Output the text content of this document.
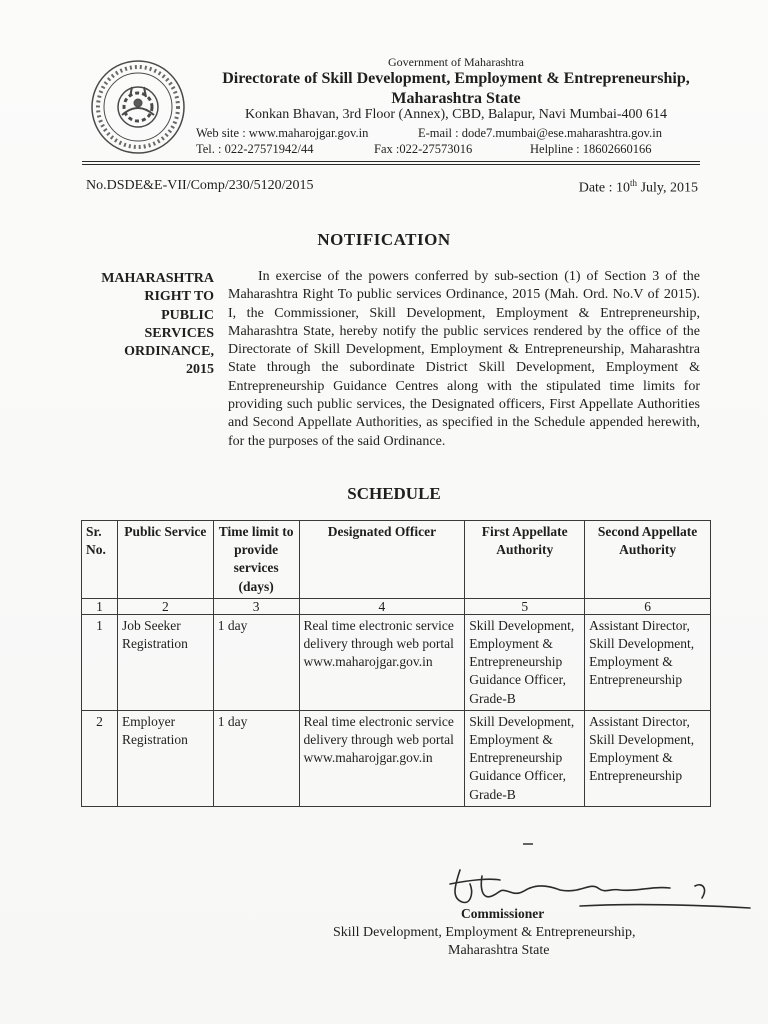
Government of Maharashtra
Directorate of Skill Development, Employment & Entrepreneurship,
Maharashtra State
Konkan Bhavan, 3rd Floor (Annex), CBD, Balapur, Navi Mumbai-400 614
Web site : www.maharojgar.gov.in	E-mail : dode7.mumbai@ese.maharashtra.gov.in
Tel. : 022-27571942/44	Fax :022-27573016	Helpline : 18602660166
No.DSDE&E-VII/Comp/230/5120/2015	Date : 10th July, 2015
NOTIFICATION
MAHARASHTRA
RIGHT TO
PUBLIC
SERVICES
ORDINANCE,
2015
In exercise of the powers conferred by sub-section (1) of Section 3 of the Maharashtra Right To public services Ordinance, 2015 (Mah. Ord. No.V of 2015). I, the Commissioner, Skill Development, Employment & Entrepreneurship, Maharashtra State, hereby notify the public services rendered by the office of the Directorate of Skill Development, Employment & Entrepreneurship, Maharashtra State through the subordinate District Skill Development, Employment & Entrepreneurship Guidance Centres along with the stipulated time limits for providing such public services, the Designated officers, First Appellate Authorities and Second Appellate Authorities, as specified in the Schedule appended herewith, for the purposes of the said Ordinance.
SCHEDULE
Sr. No.	Public Service	Time limit to provide services (days)	Designated Officer	First Appellate Authority	Second Appellate Authority
1	2	3	4	5	6
1	Job Seeker Registration	1 day	Real time electronic service delivery through web portal www.maharojgar.gov.in	Skill Development, Employment & Entrepreneurship Guidance Officer, Grade-B	Assistant Director, Skill Development, Employment & Entrepreneurship
2	Employer Registration	1 day	Real time electronic service delivery through web portal www.maharojgar.gov.in	Skill Development, Employment & Entrepreneurship Guidance Officer, Grade-B	Assistant Director, Skill Development, Employment & Entrepreneurship
Commissioner
Skill Development, Employment & Entrepreneurship,
Maharashtra State
